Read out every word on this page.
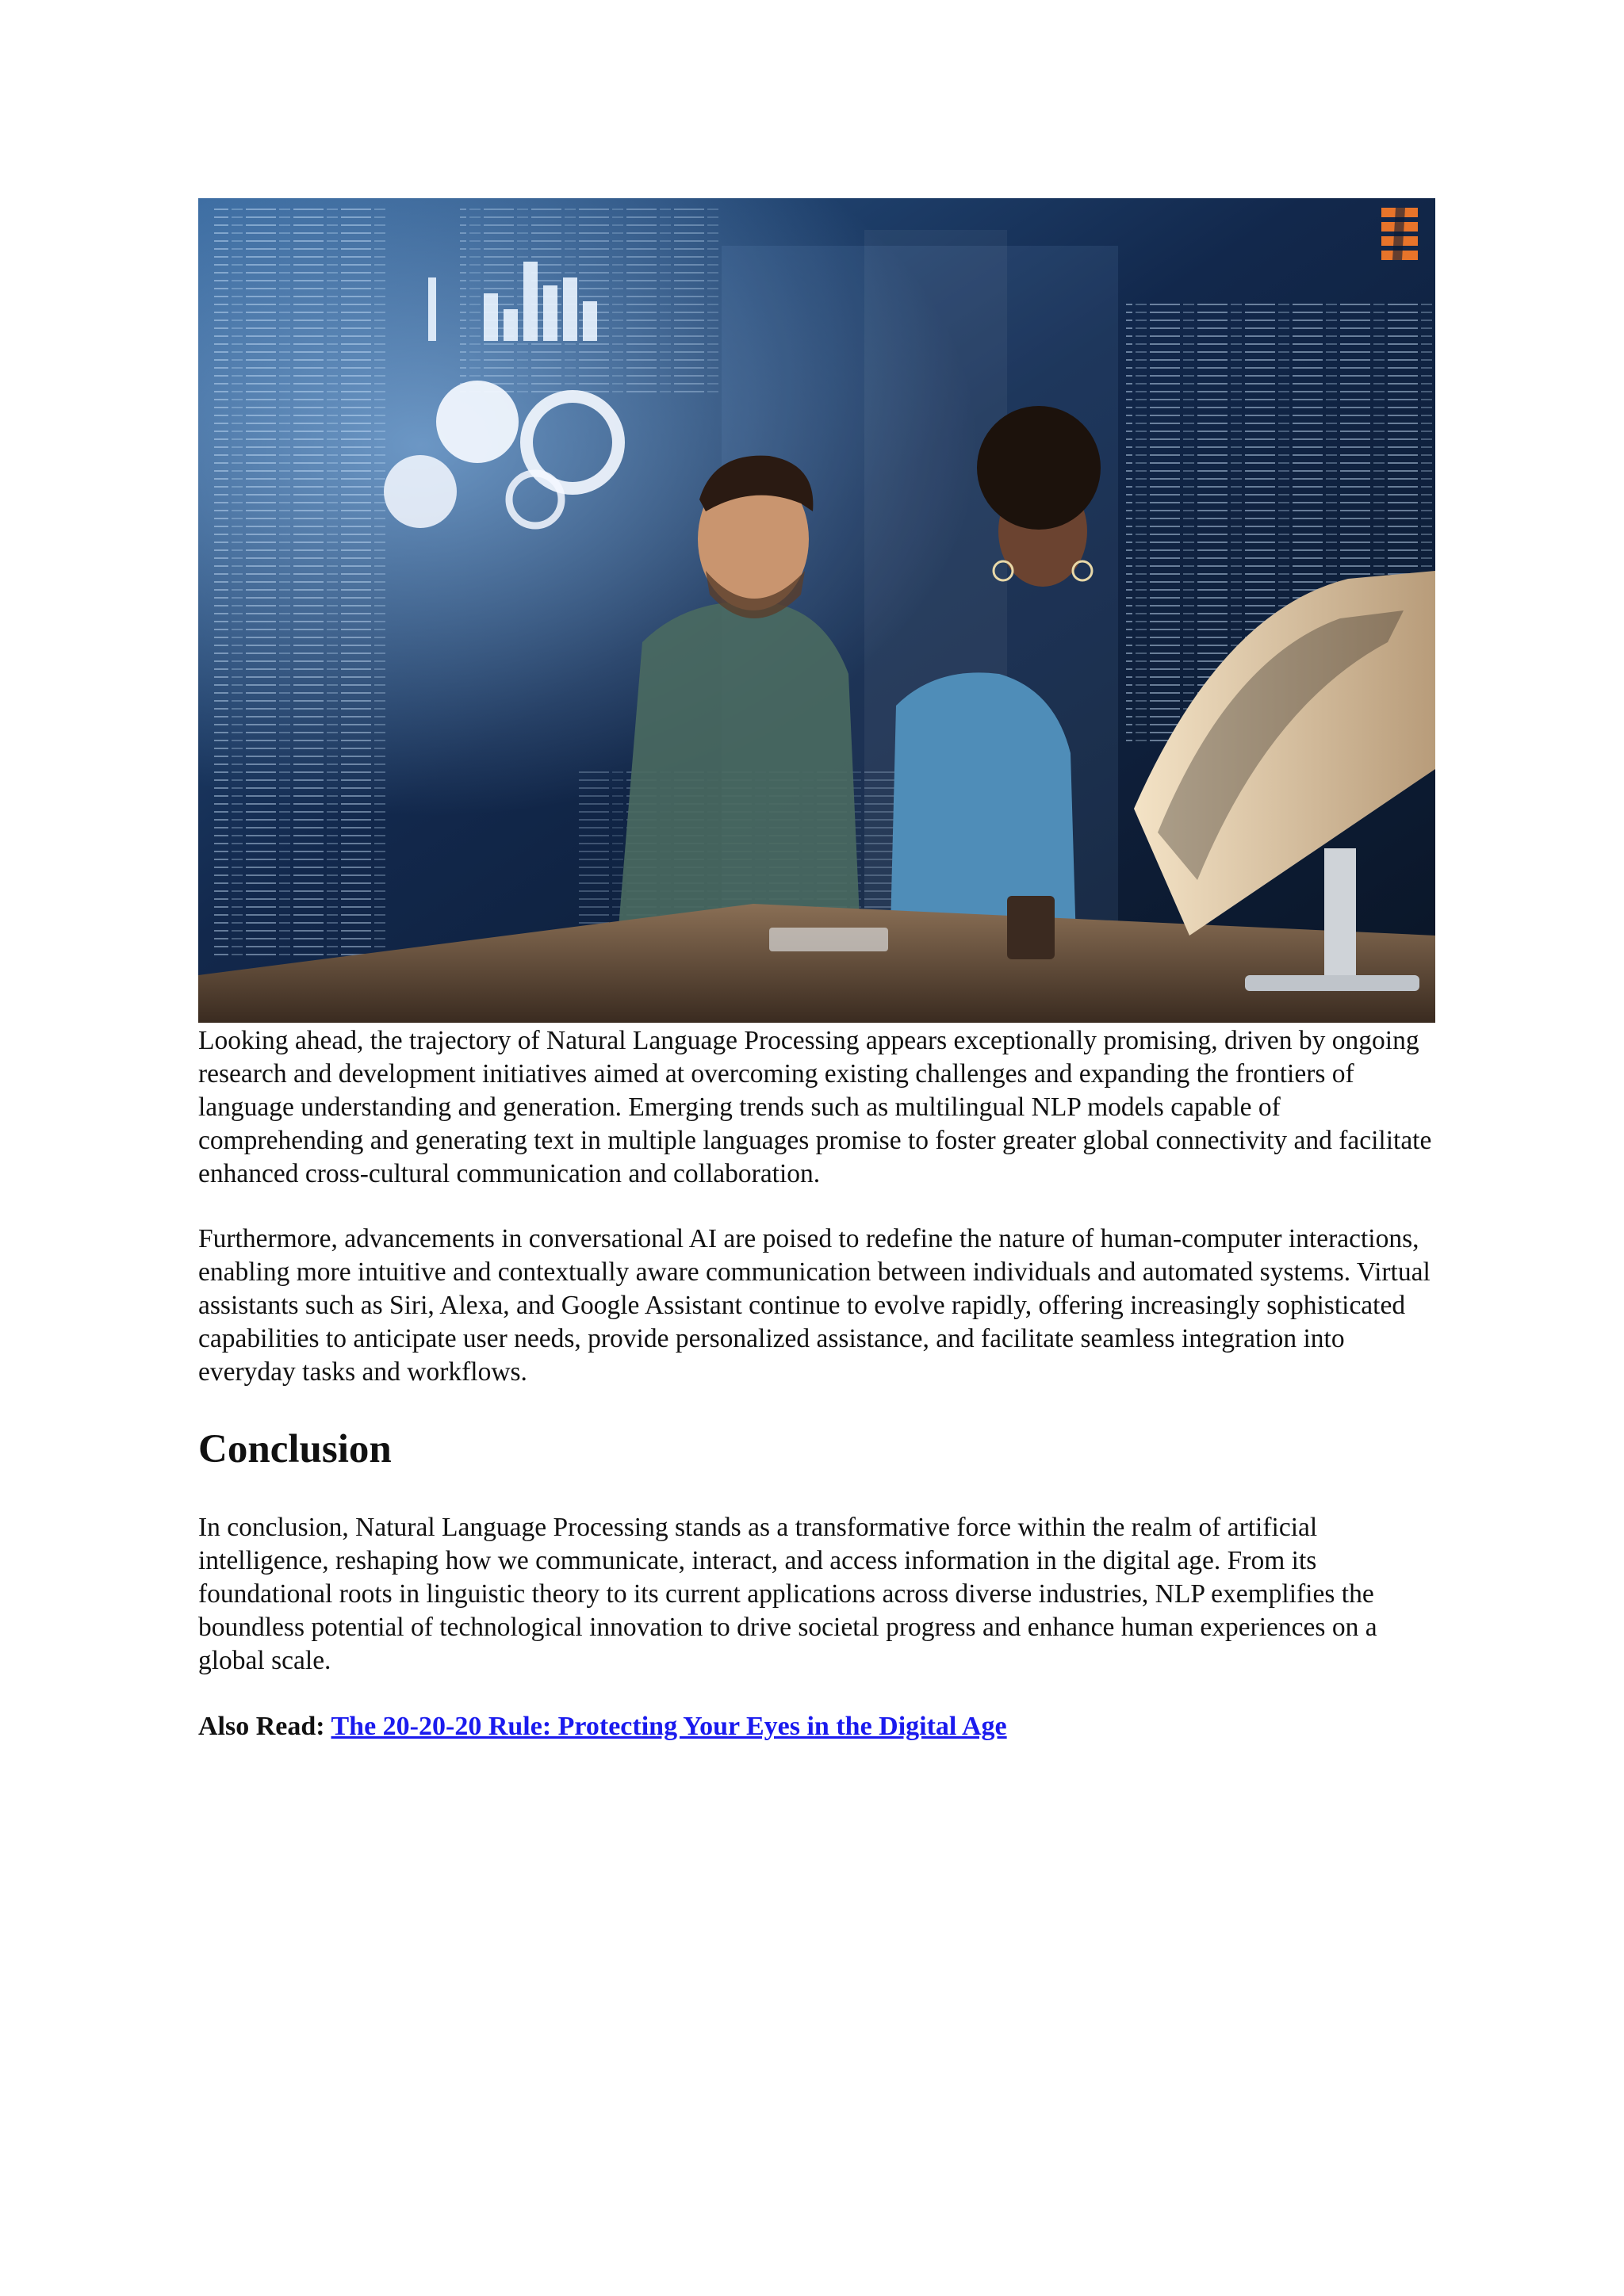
Looking ahead, the trajectory of Natural Language Processing appears exceptionally promising, driven by ongoing research and development initiatives aimed at overcoming existing challenges and expanding the frontiers of language understanding and generation. Emerging trends such as multilingual NLP models capable of comprehending and generating text in multiple languages promise to foster greater global connectivity and facilitate enhanced cross-cultural communication and collaboration.

Furthermore, advancements in conversational AI are poised to redefine the nature of human-computer interactions, enabling more intuitive and contextually aware communication between individuals and automated systems. Virtual assistants such as Siri, Alexa, and Google Assistant continue to evolve rapidly, offering increasingly sophisticated capabilities to anticipate user needs, provide personalized assistance, and facilitate seamless integration into everyday tasks and workflows.

Conclusion

In conclusion, Natural Language Processing stands as a transformative force within the realm of artificial intelligence, reshaping how we communicate, interact, and access information in the digital age. From its foundational roots in linguistic theory to its current applications across diverse industries, NLP exemplifies the boundless potential of technological innovation to drive societal progress and enhance human experiences on a global scale.

Also Read: The 20-20-20 Rule: Protecting Your Eyes in the Digital Age
